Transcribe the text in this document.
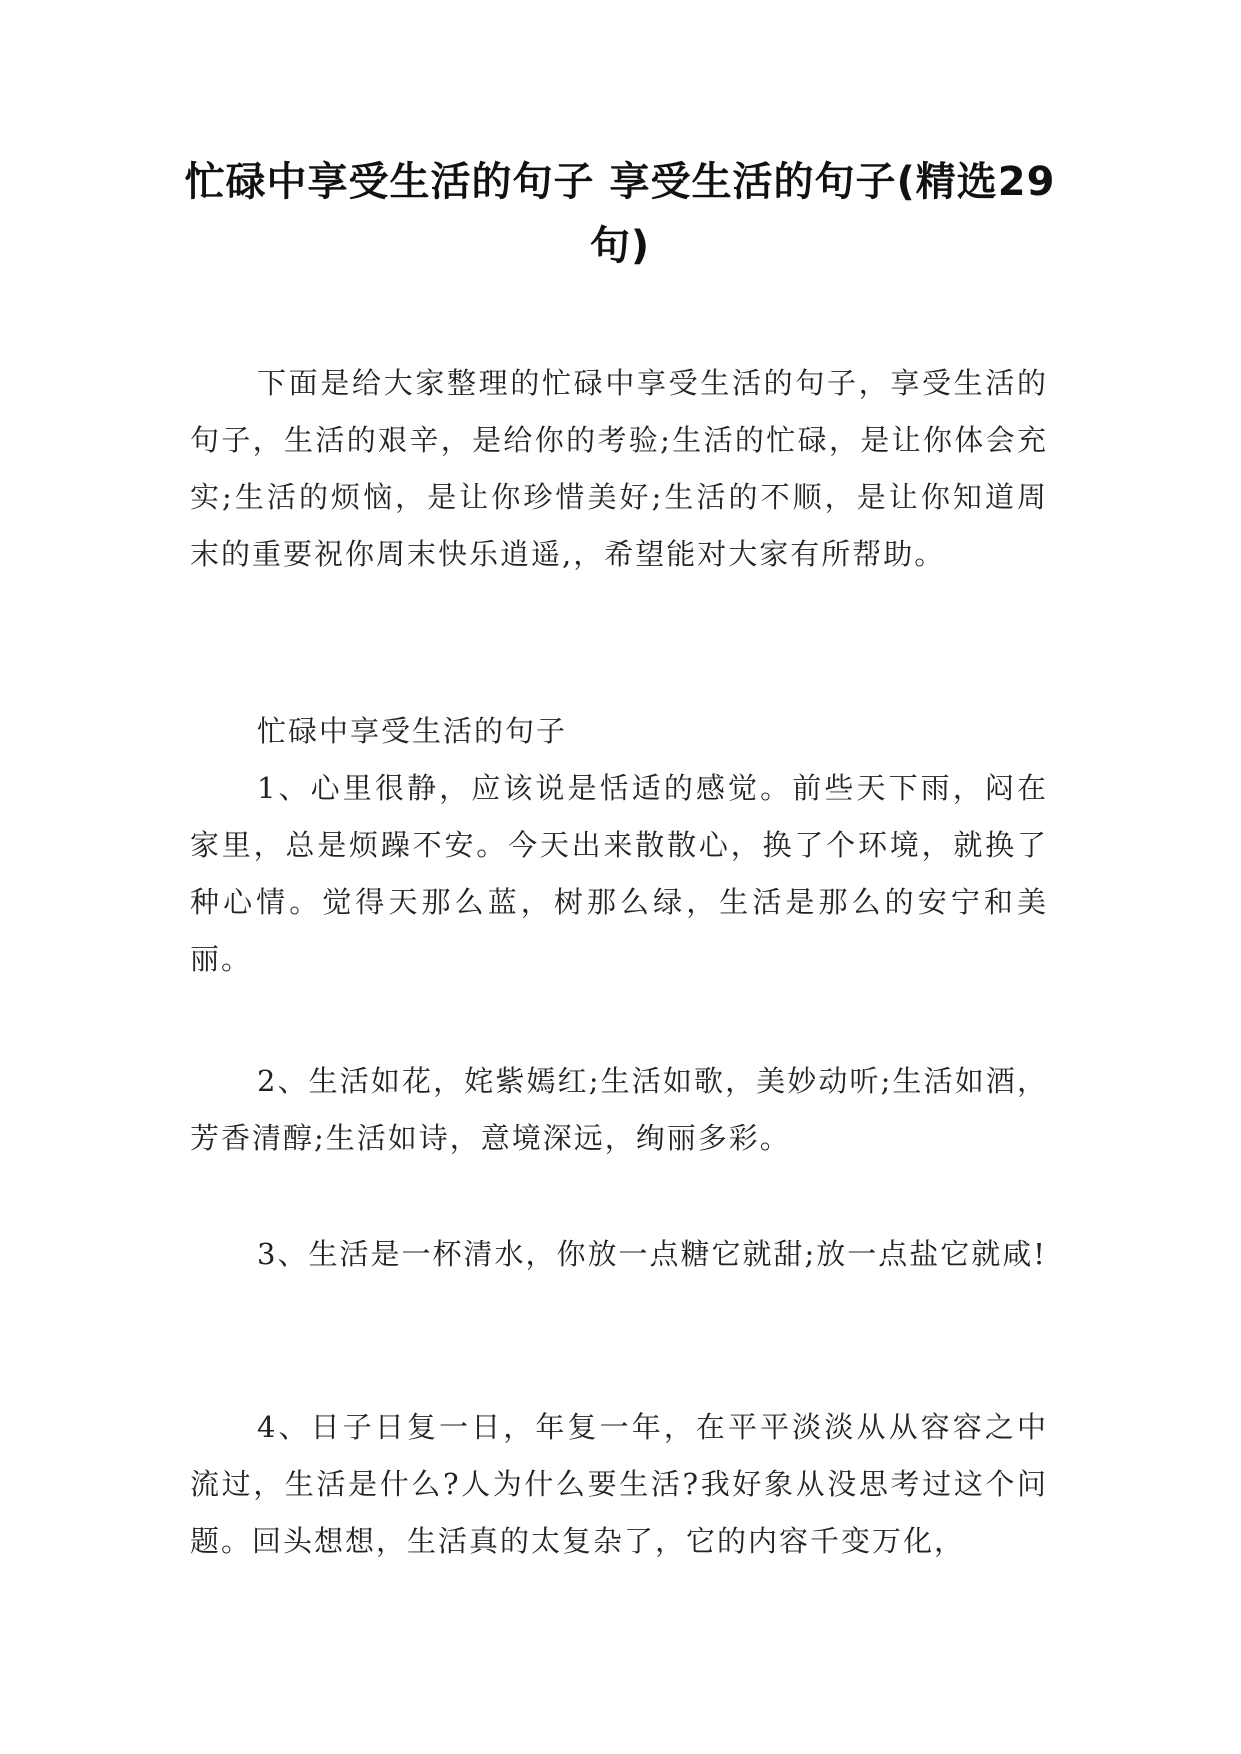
忙碌中享受生活的句子 享受生活的句子(精选29句)

下面是给大家整理的忙碌中享受生活的句子，享受生活的句子，生活的艰辛，是给你的考验;生活的忙碌，是让你体会充实;生活的烦恼，是让你珍惜美好;生活的不顺，是让你知道周末的重要祝你周末快乐逍遥,，希望能对大家有所帮助。

忙碌中享受生活的句子

1、心里很静，应该说是恬适的感觉。前些天下雨，闷在家里，总是烦躁不安。今天出来散散心，换了个环境，就换了种心情。觉得天那么蓝，树那么绿，生活是那么的安宁和美丽。

2、生活如花，姹紫嫣红;生活如歌，美妙动听;生活如酒，芳香清醇;生活如诗，意境深远，绚丽多彩。

3、生活是一杯清水，你放一点糖它就甜;放一点盐它就咸!

4、日子日复一日，年复一年，在平平淡淡从从容容之中流过，生活是什么?人为什么要生活?我好象从没思考过这个问题。回头想想，生活真的太复杂了，它的内容千变万化，
